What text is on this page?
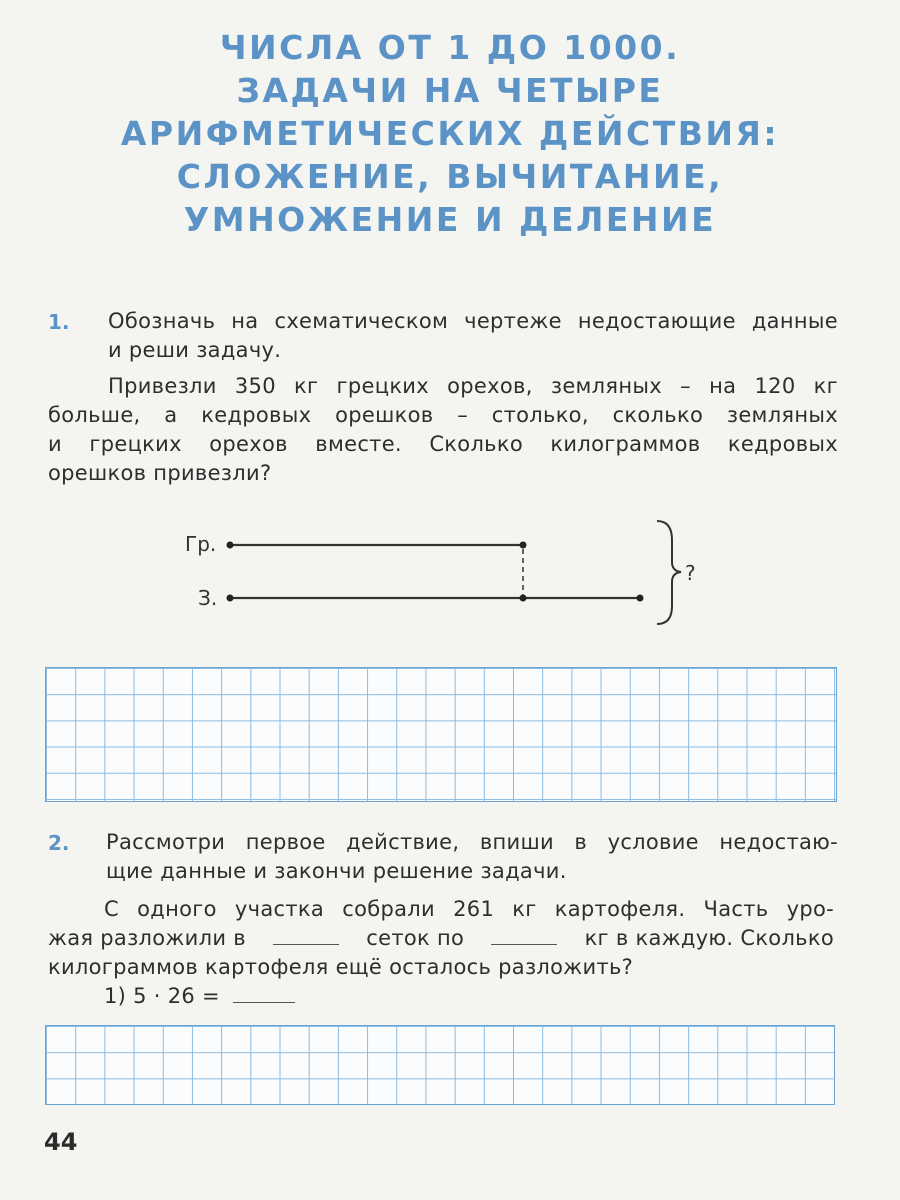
ЧИСЛА ОТ 1 ДО 1000.
ЗАДАЧИ НА ЧЕТЫРЕ
АРИФМЕТИЧЕСКИХ ДЕЙСТВИЯ:
СЛОЖЕНИЕ, ВЫЧИТАНИЕ,
УМНОЖЕНИЕ И ДЕЛЕНИЕ
1. Обозначь на схематическом чертеже недостающие данные
и реши задачу.
Привезли 350 кг грецких орехов, земляных – на 120 кг
больше, а кедровых орешков – столько, сколько земляных
и грецких орехов вместе. Сколько килограммов кедровых
орешков привезли?
Гр.
З.
?
2. Рассмотри первое действие, впиши в условие недостаю-
щие данные и закончи решение задачи.
С одного участка собрали 261 кг картофеля. Часть уро-
жая разложили в	сеток по	кг в каждую. Сколько
килограммов картофеля ещё осталось разложить?
1) 5 · 26 =
44
